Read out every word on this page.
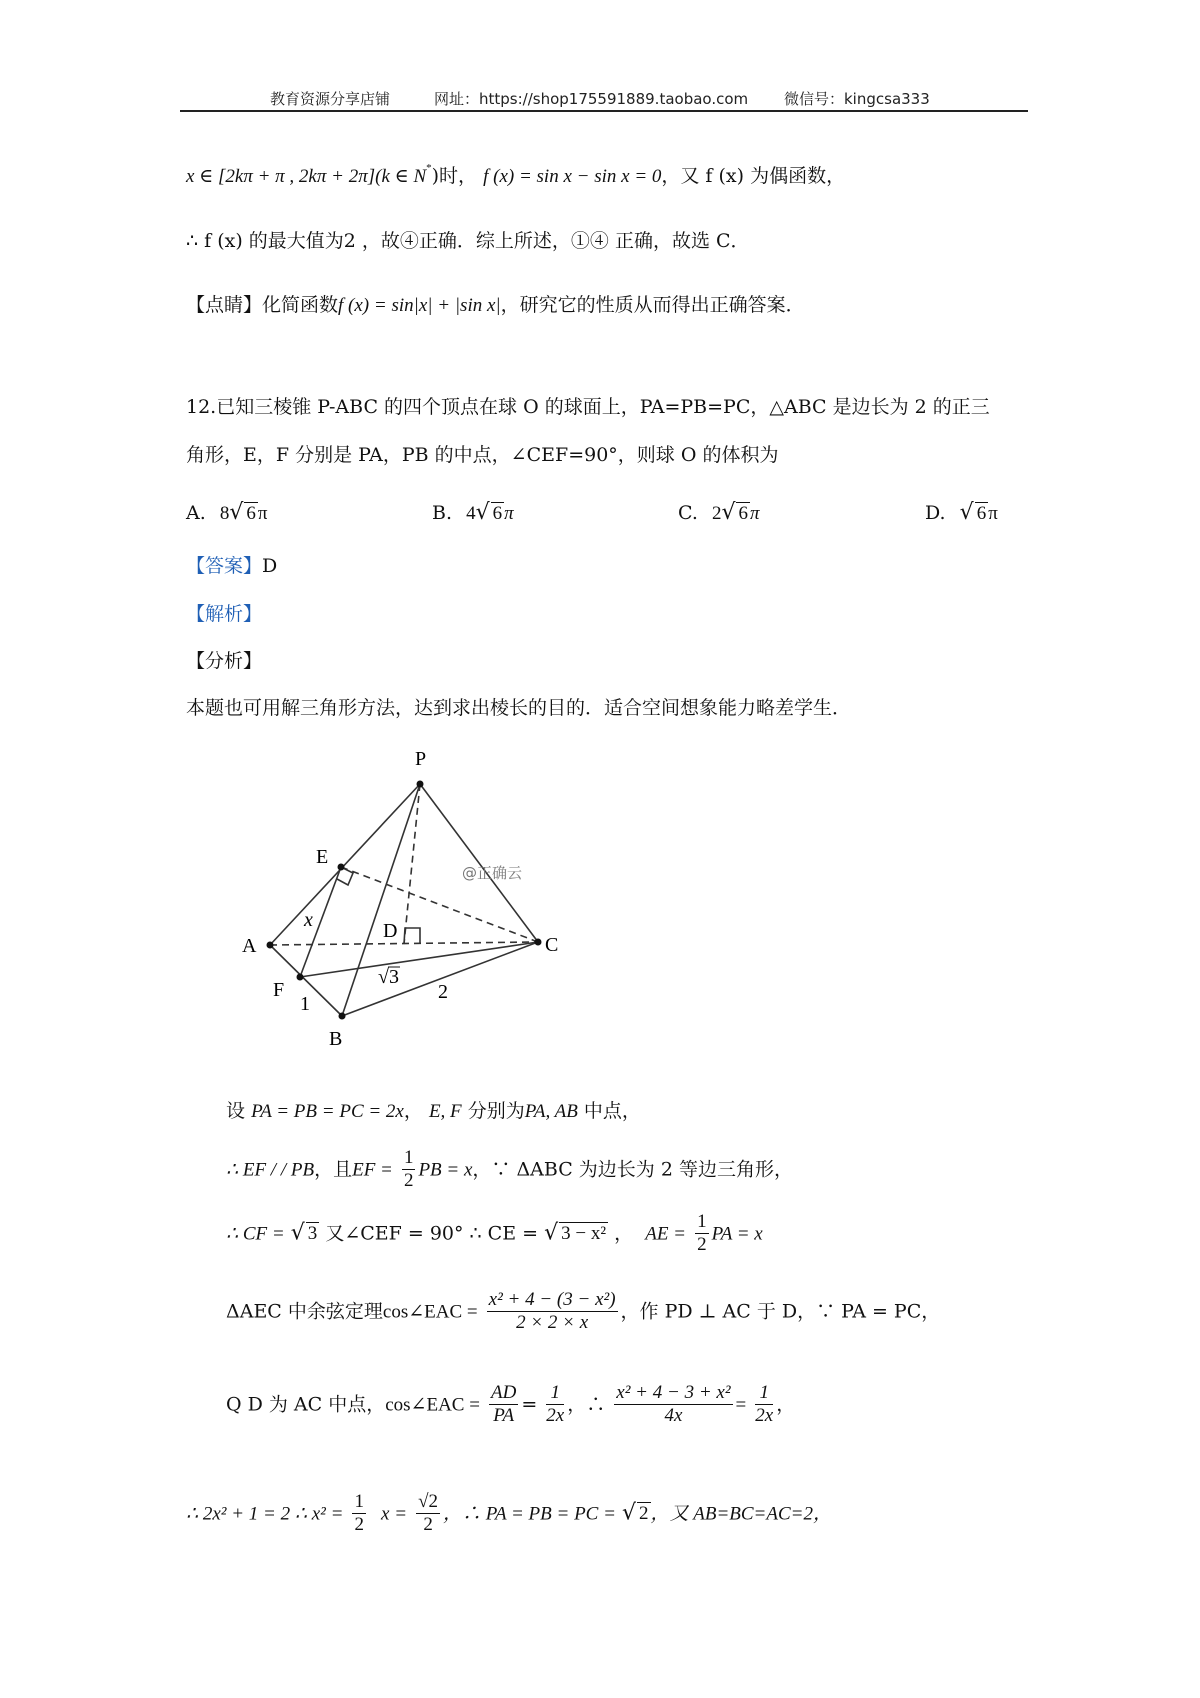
教育资源分享店铺	网址：https://shop175591889.taobao.com 微信号：kingcsa333
x ∈ [2kπ + π , 2kπ + 2π](k ∈ N*)时， f (x) = sin x − sin x = 0，又 f (x) 为偶函数，
∴ f (x) 的最大值为2 ，故④正确．综上所述，①④ 正确，故选 C．
【点睛】化简函数f (x) = sin|x| + |sin x|，研究它的性质从而得出正确答案．
12.已知三棱锥 P-ABC 的四个顶点在球 O 的球面上，PA=PB=PC，△ABC 是边长为 2 的正三
角形，E，F 分别是 PA，PB 的中点，∠CEF=90°，则球 O 的体积为
A. 8√ 6 π	B. 4√ 6 π	C. 2√ 6 π	D. √ 6 π
【答案】D
【解析】
【分析】
本题也可用解三角形方法，达到求出棱长的目的．适合空间想象能力略差学生．
P
E
A
D
C
F
B
x
1
2
√ 3
@正确云
设 PA = PB = PC = 2x， E, F 分别为PA, AB 中点，
∴ EF / / PB，且EF = $\frac{1}{2}$ PB = x，∵ ΔABC 为边长为 2 等边三角形，
∴ CF = √ 3 又∠CEF = 90° ∴ CE = √ 3 − x² ， AE = $\frac{1}{2}$ PA = x
ΔAEC 中余弦定理cos∠EAC = $\frac{\text{x² + 4 − (3 − x²)}}{2 \times 2 \times x}$ ，作 PD ⊥ AC 于 D，∵ PA = PC，
Q D 为 AC 中点，cos∠EAC = $\frac{AD}{PA} = \frac{1}{2x}$ ，∴ $\frac{\text{x² + 4 − 3 + x²}}{4x} = \frac{1}{2x}$ ，
∴ 2x² + 1 = 2 ∴ $x^2 = \frac{1}{2}$ $x = \frac{√2}{2}$ ，∴ PA = PB = PC = √ 2 ，又 AB=BC=AC=2，
